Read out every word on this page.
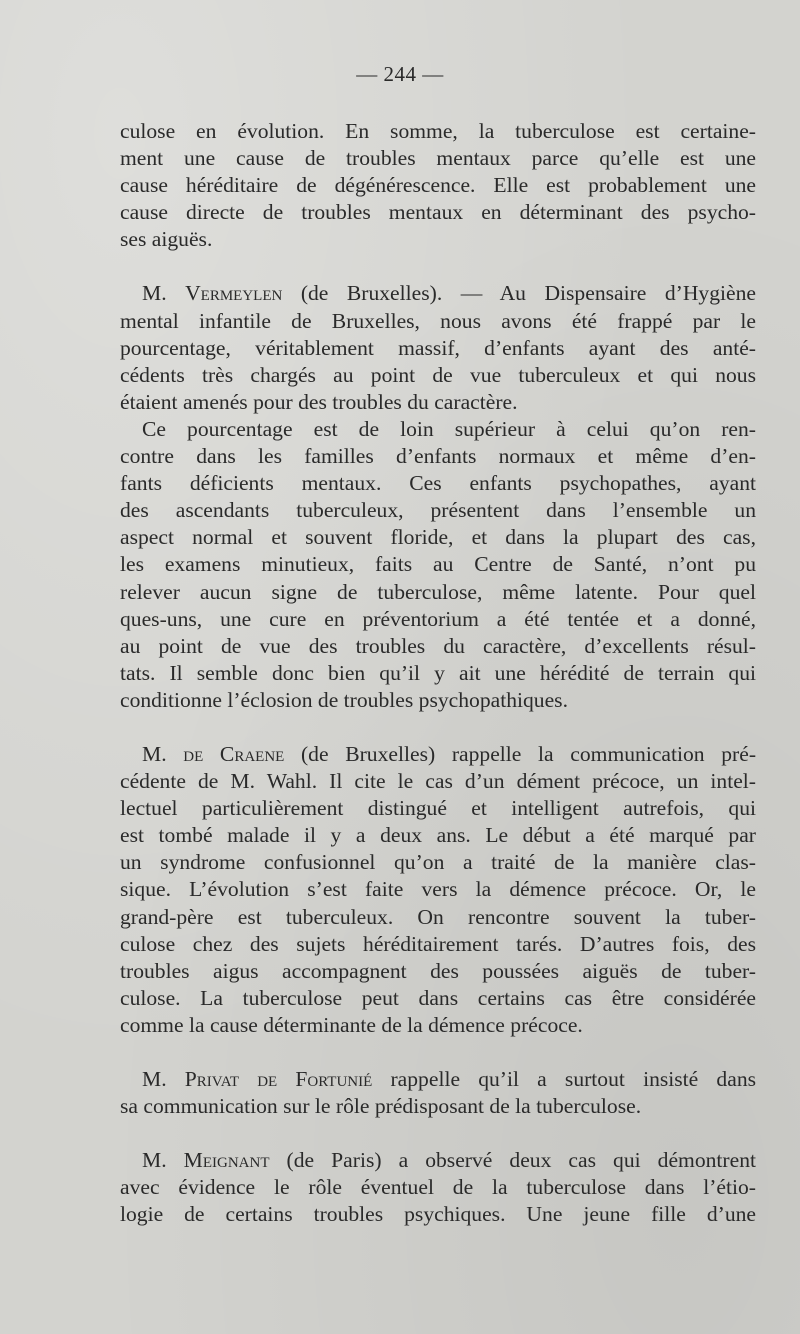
— 244 —
culose en évolution. En somme, la tuberculose est certaine-
ment une cause de troubles mentaux parce qu’elle est une
cause héréditaire de dégénérescence. Elle est probablement une
cause directe de troubles mentaux en déterminant des psycho-
ses aiguës.
M. Vermeylen (de Bruxelles). — Au Dispensaire d’Hygiène
mental infantile de Bruxelles, nous avons été frappé par le
pourcentage, véritablement massif, d’enfants ayant des anté-
cédents très chargés au point de vue tuberculeux et qui nous
étaient amenés pour des troubles du caractère.
Ce pourcentage est de loin supérieur à celui qu’on ren-
contre dans les familles d’enfants normaux et même d’en-
fants déficients mentaux. Ces enfants psychopathes, ayant
des ascendants tuberculeux, présentent dans l’ensemble un
aspect normal et souvent floride, et dans la plupart des cas,
les examens minutieux, faits au Centre de Santé, n’ont pu
relever aucun signe de tuberculose, même latente. Pour quel
ques-uns, une cure en préventorium a été tentée et a donné,
au point de vue des troubles du caractère, d’excellents résul-
tats. Il semble donc bien qu’il y ait une hérédité de terrain qui
conditionne l’éclosion de troubles psychopathiques.
M. de Craene (de Bruxelles) rappelle la communication pré-
cédente de M. Wahl. Il cite le cas d’un dément précoce, un intel-
lectuel particulièrement distingué et intelligent autrefois, qui
est tombé malade il y a deux ans. Le début a été marqué par
un syndrome confusionnel qu’on a traité de la manière clas-
sique. L’évolution s’est faite vers la démence précoce. Or, le
grand-père est tuberculeux. On rencontre souvent la tuber-
culose chez des sujets héréditairement tarés. D’autres fois, des
troubles aigus accompagnent des poussées aiguës de tuber-
culose. La tuberculose peut dans certains cas être considérée
comme la cause déterminante de la démence précoce.
M. Privat de Fortunié rappelle qu’il a surtout insisté dans
sa communication sur le rôle prédisposant de la tuberculose.
M. Meignant (de Paris) a observé deux cas qui démontrent
avec évidence le rôle éventuel de la tuberculose dans l’étio-
logie de certains troubles psychiques. Une jeune fille d’une
